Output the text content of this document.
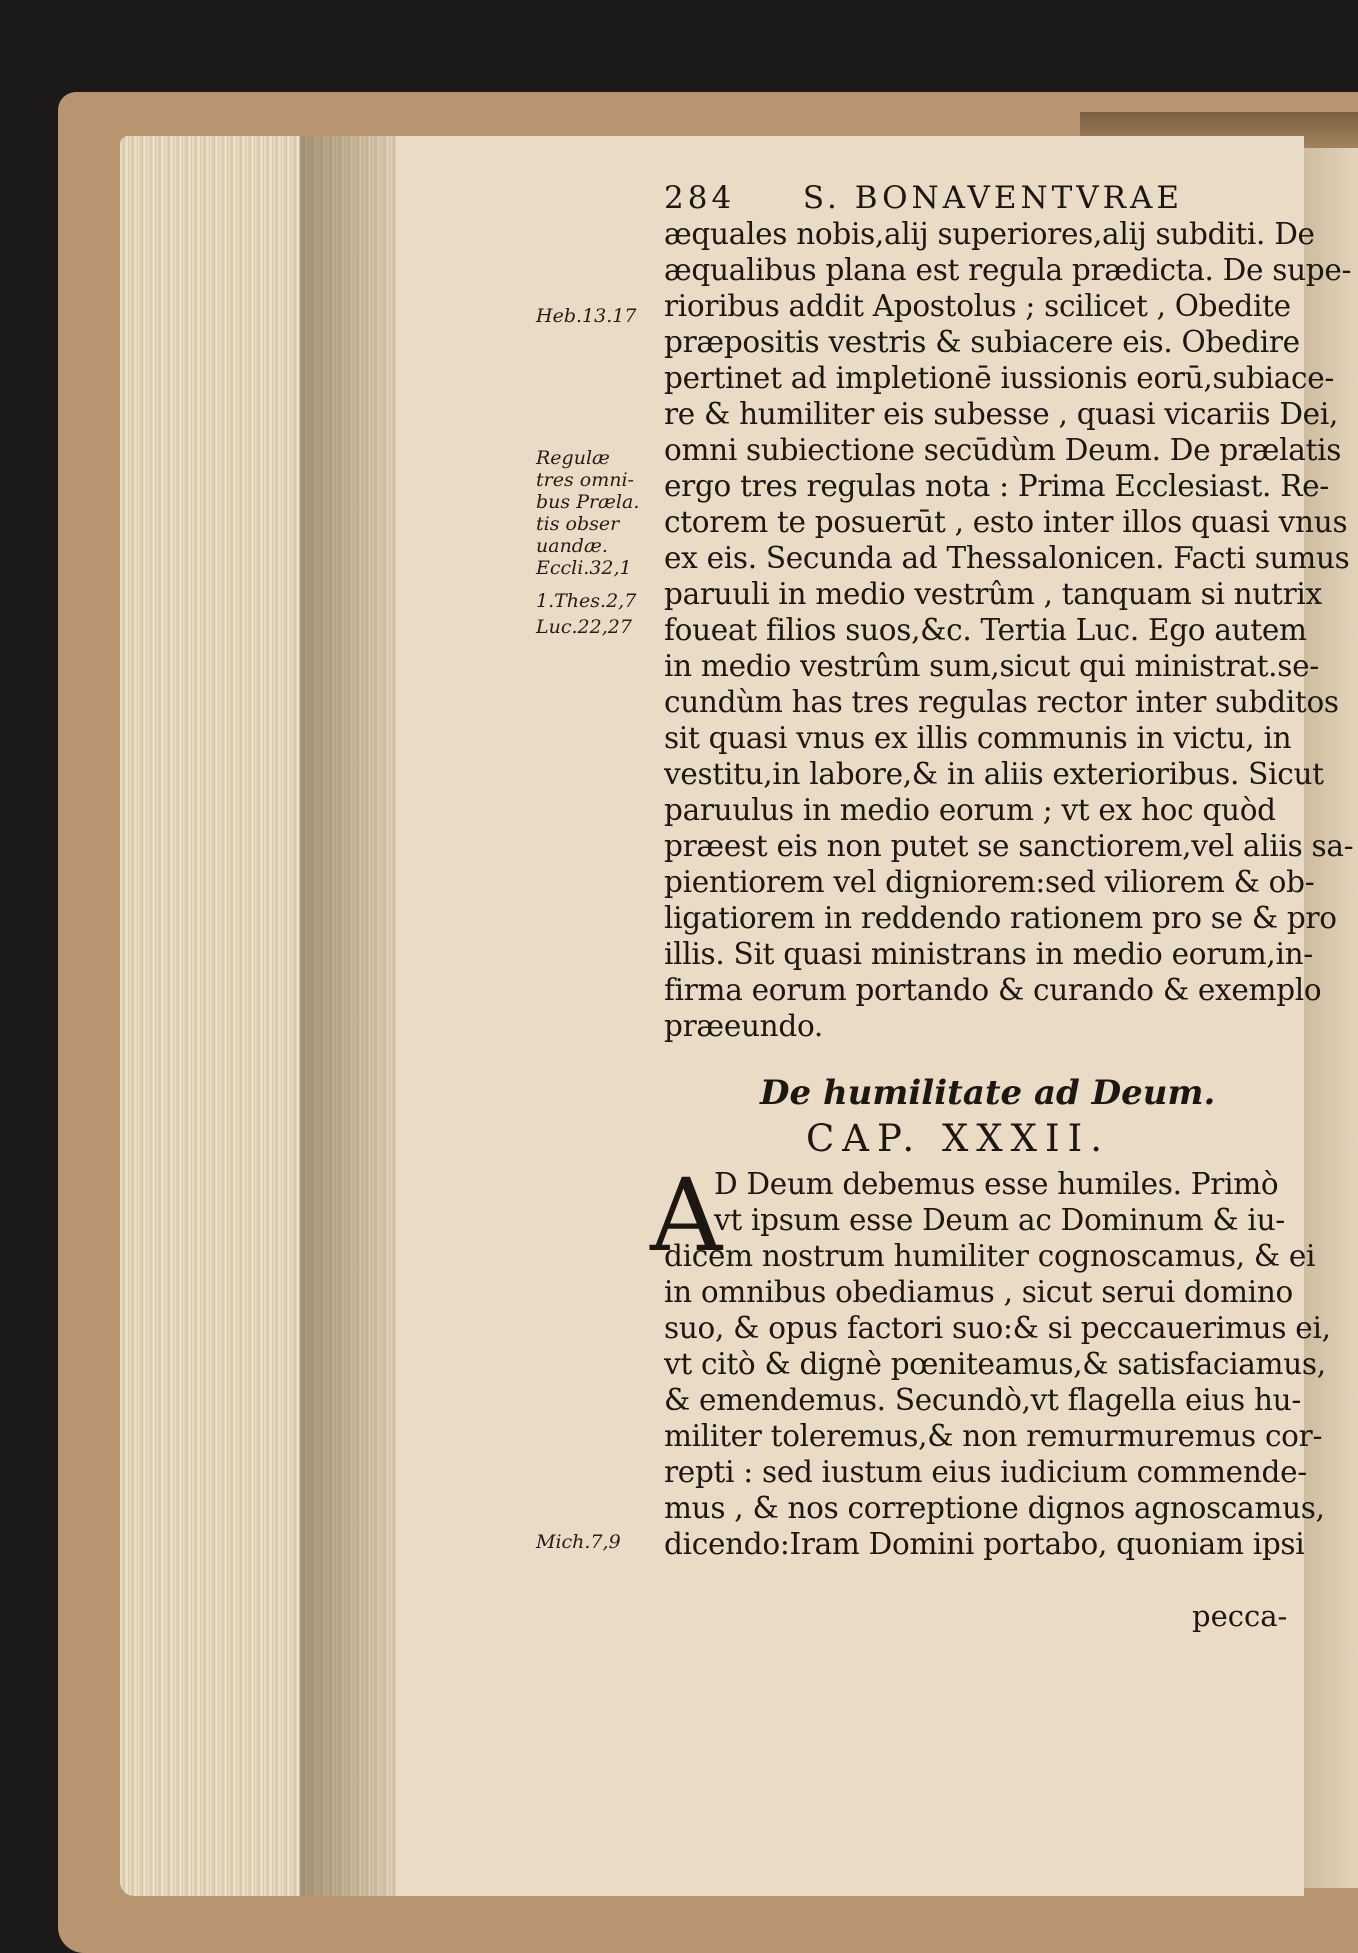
284 S. BONAVENTVRAE
Heb.13.17
Regulæ
tres omni-
bus Præla.
tis obser
uandæ.
Eccli.32,1
1.Thes.2,7
Luc.22,27
Mich.7,9
æquales nobis,alij superiores,alij subditi. De
æqualibus plana est regula prædicta. De supe-
rioribus addit Apostolus ; scilicet , Obedite
præpositis vestris & subiacere eis. Obedire
pertinet ad impletionē iussionis eorū,subiace-
re & humiliter eis subesse , quasi vicariis Dei,
omni subiectione secūdùm Deum. De prælatis
ergo tres regulas nota : Prima Ecclesiast. Re-
ctorem te posuerūt , esto inter illos quasi vnus
ex eis. Secunda ad Thessalonicen. Facti sumus
paruuli in medio vestrûm , tanquam si nutrix
foueat filios suos,&c. Tertia Luc. Ego autem
in medio vestrûm sum,sicut qui ministrat.se-
cundùm has tres regulas rector inter subditos
sit quasi vnus ex illis communis in victu, in
vestitu,in labore,& in aliis exterioribus. Sicut
paruulus in medio eorum ; vt ex hoc quòd
præest eis non putet se sanctiorem,vel aliis sa-
pientiorem vel digniorem:sed viliorem & ob-
ligatiorem in reddendo rationem pro se & pro
illis. Sit quasi ministrans in medio eorum,in-
firma eorum portando & curando & exemplo
præeundo.
De humilitate ad Deum.
CAP. XXXII.
A
D Deum debemus esse humiles. Primò
vt ipsum esse Deum ac Dominum & iu-
dicem nostrum humiliter cognoscamus, & ei
in omnibus obediamus , sicut serui domino
suo, & opus factori suo:& si peccauerimus ei,
vt citò & dignè pœniteamus,& satisfaciamus,
& emendemus. Secundò,vt flagella eius hu-
militer toleremus,& non remurmuremus cor-
repti : sed iustum eius iudicium commende-
mus , & nos correptione dignos agnoscamus,
dicendo:Iram Domini portabo, quoniam ipsi
pecca-
